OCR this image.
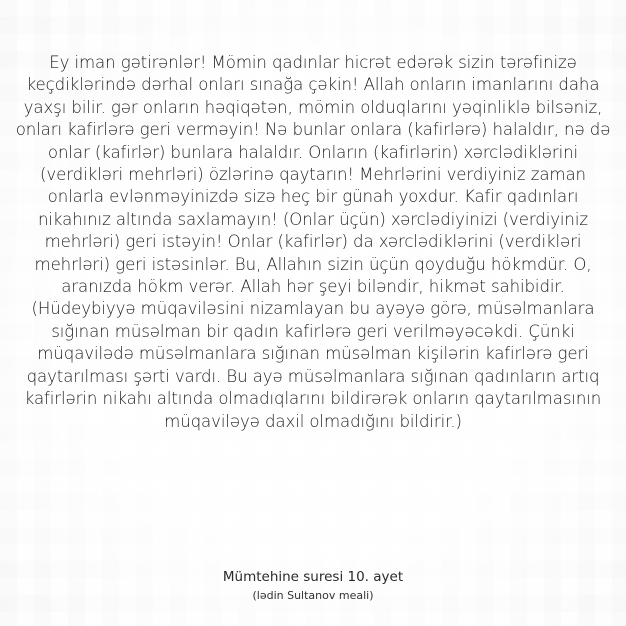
Ey iman gətirənlər! Mömin qadınlar hicrət edərək sizin tərəfinizə keçdiklərində dərhal onları sınağa çəkin! Allah onların imanlarını daha yaxşı bilir. gər onların həqiqətən, mömin olduqlarını yəqinliklə bilsəniz, onları kafirlərə geri verməyin! Nə bunlar onlara (kafirlərə) halaldır, nə də onlar (kafirlər) bunlara halaldır. Onların (kafirlərin) xərclədiklərini (verdikləri mehrləri) özlərinə qaytarın! Mehrlərini verdiyiniz zaman onlarla evlənməyinizdə sizə heç bir günah yoxdur. Kafir qadınları nikahınız altında saxlamayın! (Onlar üçün) xərclədiyinizi (verdiyiniz mehrləri) geri istəyin! Onlar (kafirlər) da xərclədiklərini (verdikləri mehrləri) geri istəsinlər. Bu, Allahın sizin üçün qoyduğu hökmdür. O, aranızda hökm verər. Allah hər şeyi biləndir, hikmət sahibidir. (Hüdeybiyyə müqaviləsini nizamlayan bu ayəyə görə, müsəlmanlara sığınan müsəlman bir qadın kafirlərə geri verilməyəcəkdi. Çünki müqavilədə müsəlmanlara sığınan müsəlman kişilərin kafirlərə geri qaytarılması şərti vardı. Bu ayə müsəlmanlara sığınan qadınların artıq kafirlərin nikahı altında olmadıqlarını bildirərək onların qaytarılmasının müqaviləyə daxil olmadığını bildirir.)

Mümtehine suresi 10. ayet

(lədin Sultanov meali)
